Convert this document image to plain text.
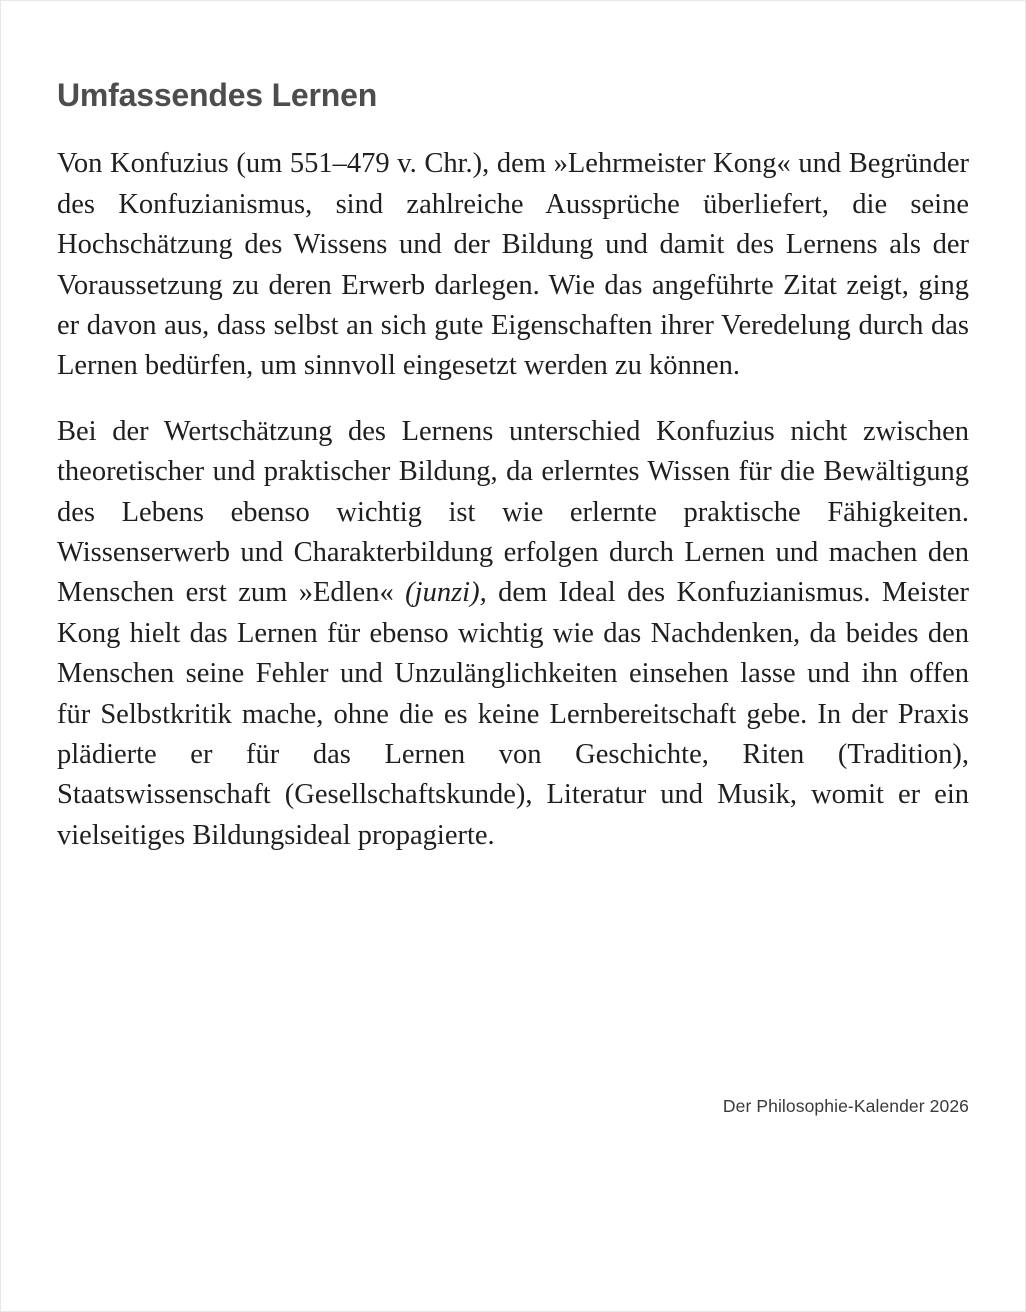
Umfassendes Lernen

Von Konfuzius (um 551–479 v. Chr.), dem »Lehrmeister Kong« und Begründer des Konfuzianismus, sind zahlreiche Aussprüche überliefert, die seine Hochschätzung des Wissens und der Bildung und damit des Lernens als der Voraussetzung zu deren Erwerb darlegen. Wie das angeführte Zitat zeigt, ging er davon aus, dass selbst an sich gute Eigenschaften ihrer Veredelung durch das Lernen bedürfen, um sinnvoll eingesetzt werden zu können.

Bei der Wertschätzung des Lernens unterschied Konfuzius nicht zwischen theoretischer und praktischer Bildung, da erlerntes Wissen für die Bewältigung des Lebens ebenso wichtig ist wie erlernte praktische Fähigkeiten. Wissenserwerb und Charakterbildung erfolgen durch Lernen und machen den Menschen erst zum »Edlen« (junzi), dem Ideal des Konfuzianismus. Meister Kong hielt das Lernen für ebenso wichtig wie das Nachdenken, da beides den Menschen seine Fehler und Unzulänglichkeiten einsehen lasse und ihn offen für Selbstkritik mache, ohne die es keine Lernbereitschaft gebe. In der Praxis plädierte er für das Lernen von Geschichte, Riten (Tradition), Staatswissenschaft (Gesellschaftskunde), Literatur und Musik, womit er ein vielseitiges Bildungsideal propagierte.

Der Philosophie-Kalender 2026
